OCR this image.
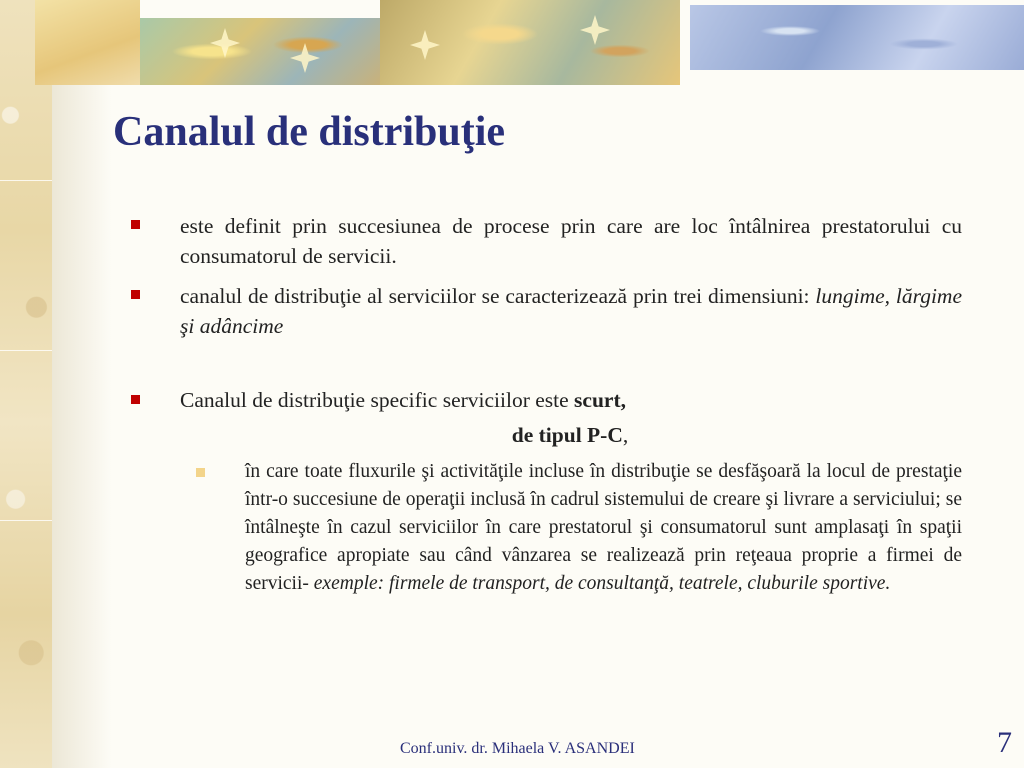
Canalul de distribuţie
este definit prin succesiunea de procese prin care are loc întâlnirea prestatorului cu consumatorul de servicii.
canalul de distribuţie al serviciilor se caracterizează prin trei dimensiuni: lungime, lărgime şi adâncime
Canalul de distribuţie specific serviciilor este scurt,
de tipul P-C,
în care toate fluxurile şi activităţile incluse în distribuţie se desfăşoară la locul de prestaţie într-o succesiune de operaţii inclusă în cadrul sistemului de creare şi livrare a serviciului; se întâlneşte în cazul serviciilor în care prestatorul şi consumatorul sunt amplasaţi în spaţii geografice apropiate sau când vânzarea se realizează prin reţeaua proprie a firmei de servicii- exemple: firmele de transport, de consultanţă, teatrele, cluburile sportive.
Conf.univ. dr. Mihaela V. ASANDEI	7
